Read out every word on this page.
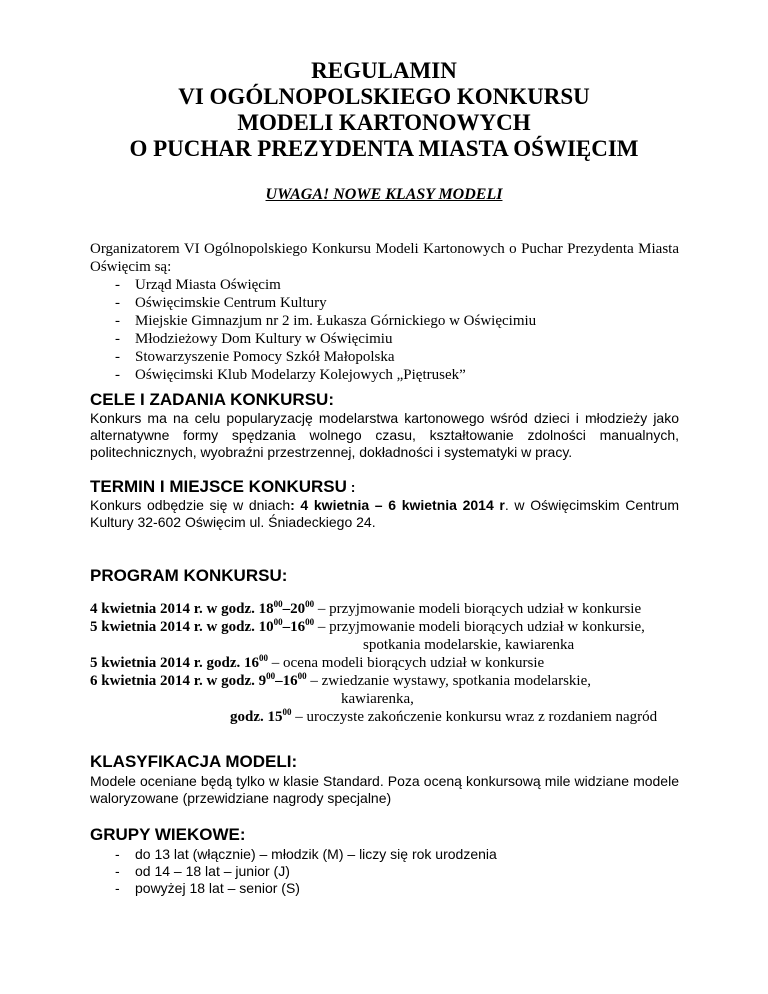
REGULAMIN
VI OGÓLNOPOLSKIEGO KONKURSU
MODELI KARTONOWYCH
O PUCHAR PREZYDENTA MIASTA OŚWIĘCIM
UWAGA! NOWE KLASY MODELI
Organizatorem VI Ogólnopolskiego Konkursu Modeli Kartonowych o Puchar Prezydenta Miasta Oświęcim są:
- Urząd Miasta Oświęcim
- Oświęcimskie Centrum Kultury
- Miejskie Gimnazjum nr 2 im. Łukasza Górnickiego w Oświęcimiu
- Młodzieżowy Dom Kultury w Oświęcimiu
- Stowarzyszenie Pomocy Szkół Małopolska
- Oświęcimski Klub Modelarzy Kolejowych „Piętrusek”
CELE I ZADANIA KONKURSU:
Konkurs ma na celu popularyzację modelarstwa kartonowego wśród dzieci i młodzieży jako alternatywne formy spędzania wolnego czasu, kształtowanie zdolności manualnych, politechnicznych, wyobraźni przestrzennej, dokładności i systematyki w pracy.
TERMIN I MIEJSCE KONKURSU :
Konkurs odbędzie się w dniach: 4 kwietnia – 6 kwietnia 2014 r. w Oświęcimskim Centrum Kultury 32-602 Oświęcim ul. Śniadeckiego 24.
PROGRAM KONKURSU:
4 kwietnia 2014 r. w godz. $18^{00}-20^{00}$ – przyjmowanie modeli biorących udział w konkursie
5 kwietnia 2014 r. w godz. $10^{00}-16^{00}$ – przyjmowanie modeli biorących udział w konkursie,
spotkania modelarskie, kawiarenka
5 kwietnia 2014 r. godz. $16^{00}$ – ocena modeli biorących udział w konkursie
6 kwietnia 2014 r. w godz. $9^{00}-16^{00}$ – zwiedzanie wystawy, spotkania modelarskie,
kawiarenka,
godz. $15^{00}$ – uroczyste zakończenie konkursu wraz z rozdaniem nagród
KLASYFIKACJA MODELI:
Modele oceniane będą tylko w klasie Standard. Poza oceną konkursową mile widziane modele waloryzowane (przewidziane nagrody specjalne)
GRUPY WIEKOWE:
- do 13 lat (włącznie) – młodzik (M) – liczy się rok urodzenia
- od 14 – 18 lat – junior (J)
- powyżej 18 lat – senior (S)
